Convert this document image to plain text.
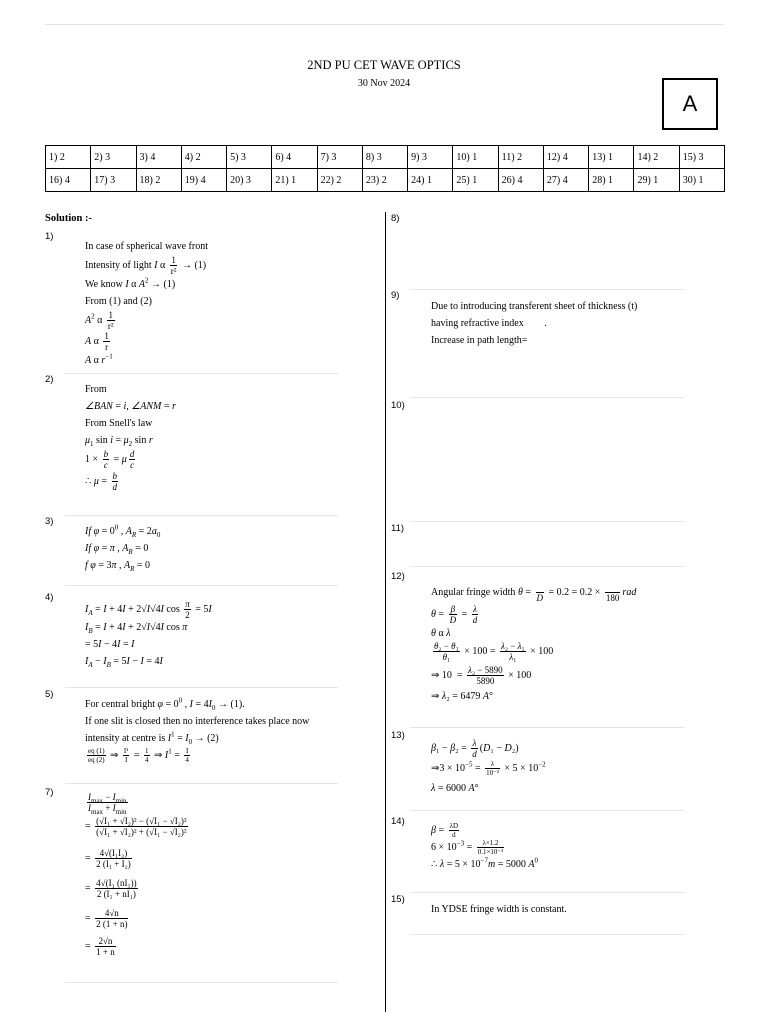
2ND PU CET WAVE OPTICS
30 Nov 2024
A
1) 2	2) 3	3) 4	4) 2	5) 3	6) 4	7) 3	8) 3	9) 3	10) 1	11) 2	12) 4	13) 1	14) 2	15) 3
16) 4	17) 3	18) 2	19) 4	20) 3	21) 1	22) 2	23) 2	24) 1	25) 1	26) 4	27) 4	28) 1	29) 1	30) 1
Solution :-
1)
In case of spherical wave front
Intensity of light I α $\frac{1}{\text{r²}} \to (1)$
We know I α $A^2 \to (1)$
From (1) and (2)
$A^2$ α $\frac{1}{\text{r²}}$
A α $\frac{1}{r}$
A α $r^{-1}$
2)
From
∠BAN = i, ∠ANM = r
From Snell's law
$\mu_1$ $\sin i = \mu_2$ sin r
$1 \times \frac{b}{c} = \mu \frac{d}{c}$
∴ $\mu = \frac{b}{d}$
3)
If $\varphi = 0^0$ , $A_R = 2a_0$
If φ = π , $A_R = 0$
f φ = 3π , $A_R = 0$
4)
$I_A = I + 4I + 2√I√4I$ $\cos \frac{\pi}{2} = 5I$
$I_B = I + 4I + 2√I√4I$ cos π
= 5I − 4I = I
$I_A - I_B = 5I - I = 4I$
5)
For central bright $\varphi = 0^0$ , $I = 4I_0 \to (1)$.
If one slit is closed then no interference takes place now
intensity at centre is $I^1 = I_0 \to (2)$
$\frac{eq (1)}{eq (2)}$ ⇒ $\frac{\text{I¹}}{I} = \frac{1}{4}$ ⇒ $I^1 = \frac{I}{4}$
7)	$\frac{I_{max} - I_{min}}{I_{max} + I_{min}}$
= $\frac{\text{(√I₁ + √I₂)² − (√I₁ − √I₂)²}}{\text{(√I₁ + √I₂)² + (√I₁ − √I₂)²}}$
= $\frac{\text{4√(I₁I₂)}}{\text{2 (I₁ + I₂)}}$
= $\frac{\text{4√(I₁ (nI₁))}}{\text{2 (I₁ + nI₁)}}$
= $\frac{4√n}{2 (1 + n)}$
= $\frac{2√n}{1 + n}$
8)
9)
Due to introducing transferent sheet of thickness (t)
having refractive index .
Increase in path length=
10)
11)
12)
Angular fringe width θ =

D
= 0.2 = 0.2 ×

180
rad
$\theta = \frac{\beta}{D} = \frac{\lambda}{d}$
θ α λ
$\frac{\text{θ₂ − θ₁}}{\text{θ₁}} \times 100 = \frac{\text{λ₂ − λ₁}}{\text{λ₁}} \times 100$
⇒ $10 = \frac{\text{λ₂ − 5890}}{5890} \times 100$
⇒ λ₂ = 6479 A°
13)
$\beta_1 - \beta_2 = \frac{\lambda}{d} (D_1 - D_2)$
⇒3 × $10^{-5} = \frac{\lambda}{\text{10⁻³}} \times 5 \times 10^{-2}$
λ = 6000 A°
14)
$\beta = \frac{\lambda D}{d}$
$6 \times 10^{-3} = \frac{\lambda\times 1.2}{\text{0.1×10⁻³}}$
∴ $\lambda = 5 \times 10^{-7}m = 5000$ $A^0$
15)
In YDSE fringe width is constant.
